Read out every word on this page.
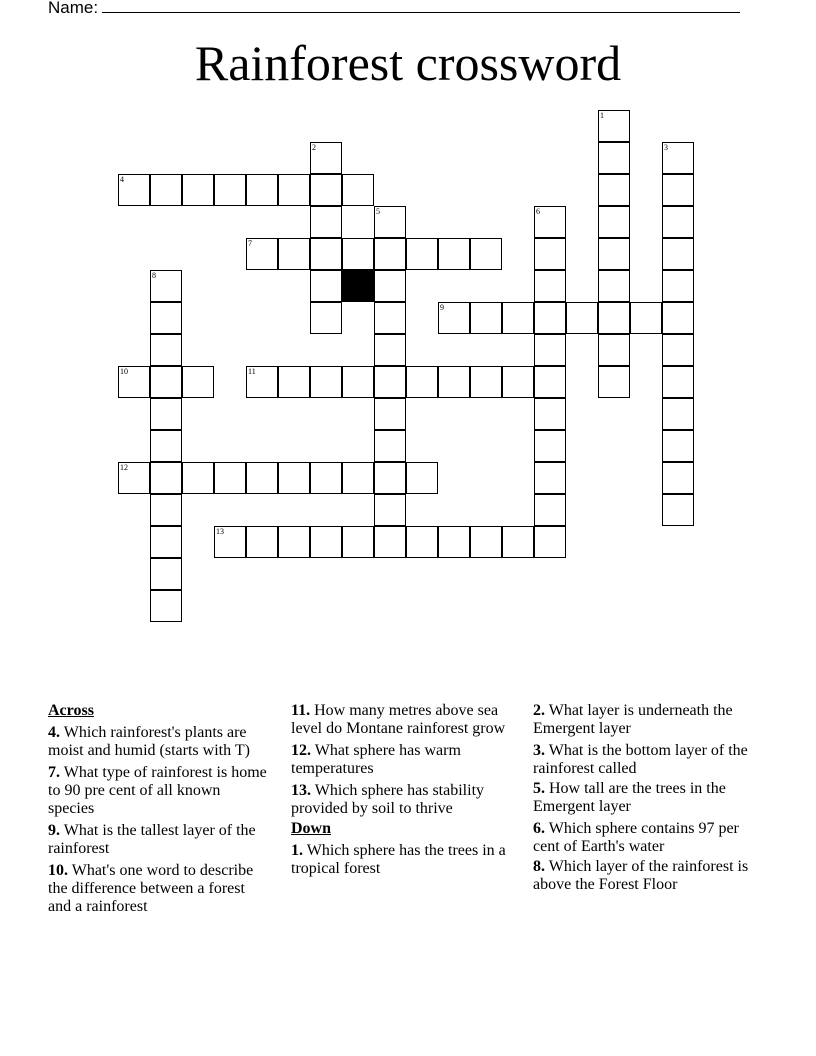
Name:
Rainforest crossword
1
2	3
4
5	6
7
8
9
10	11
12
13
Across
4. Which rainforest's plants are moist and humid (starts with T)
7. What type of rainforest is home to 90 pre cent of all known species
9. What is the tallest layer of the rainforest
10. What's one word to describe the difference between a forest and a rainforest
11. How many metres above sea level do Montane rainforest grow
12. What sphere has warm temperatures
13. Which sphere has stability provided by soil to thrive
Down
1. Which sphere has the trees in a tropical forest
2. What layer is underneath the Emergent layer
3. What is the bottom layer of the rainforest called
5. How tall are the trees in the Emergent layer
6. Which sphere contains 97 per cent of Earth's water
8. Which layer of the rainforest is above the Forest Floor
